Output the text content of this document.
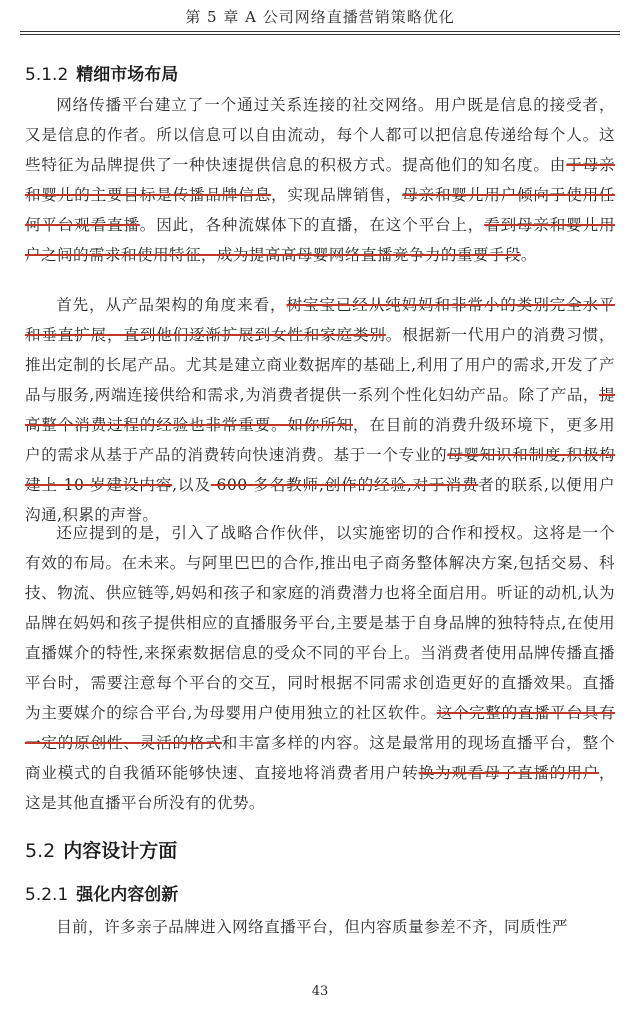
第 5 章 A 公司网络直播营销策略优化
5.1.2 精细市场布局
网络传播平台建立了一个通过关系连接的社交网络。用户既是信息的接受者，又是信息的作者。所以信息可以自由流动，每个人都可以把信息传递给每个人。这些特征为品牌提供了一种快速提供信息的积极方式。提高他们的知名度。由于母亲和婴儿的主要目标是传播品牌信息，实现品牌销售，母亲和婴儿用户倾向于使用任何平台观看直播。因此，各种流媒体下的直播，在这个平台上，看到母亲和婴儿用户之间的需求和使用特征，成为提高高母婴网络直播竞争力的重要手段。
首先，从产品架构的角度来看，树宝宝已经从纯妈妈和非常小的类别完全水平和垂直扩展，直到他们逐渐扩展到女性和家庭类别。根据新一代用户的消费习惯，推出定制的长尾产品。尤其是建立商业数据库的基础上,利用了用户的需求,开发了产品与服务,两端连接供给和需求,为消费者提供一系列个性化妇幼产品。除了产品，提高整个消费过程的经验也非常重要。如你所知，在目前的消费升级环境下，更多用户的需求从基于产品的消费转向快速消费。基于一个专业的母婴知识和制度,积极构建上 10 岁建设内容,以及 600 多名教师,创作的经验,对于消费者的联系,以便用户沟通,积累的声誉。
还应提到的是，引入了战略合作伙伴，以实施密切的合作和授权。这将是一个有效的布局。在未来。与阿里巴巴的合作,推出电子商务整体解决方案,包括交易、科技、物流、供应链等,妈妈和孩子和家庭的消费潜力也将全面启用。听证的动机,认为品牌在妈妈和孩子提供相应的直播服务平台,主要是基于自身品牌的独特特点,在使用直播媒介的特性,来探索数据信息的受众不同的平台上。当消费者使用品牌传播直播平台时，需要注意每个平台的交互，同时根据不同需求创造更好的直播效果。直播为主要媒介的综合平台,为母婴用户使用独立的社区软件。这个完整的直播平台具有一定的原创性、灵活的格式和丰富多样的内容。这是最常用的现场直播平台，整个商业模式的自我循环能够快速、直接地将消费者用户转换为观看母子直播的用户，这是其他直播平台所没有的优势。
5.2 内容设计方面
5.2.1 强化内容创新
目前，许多亲子品牌进入网络直播平台，但内容质量参差不齐，同质性严
43
